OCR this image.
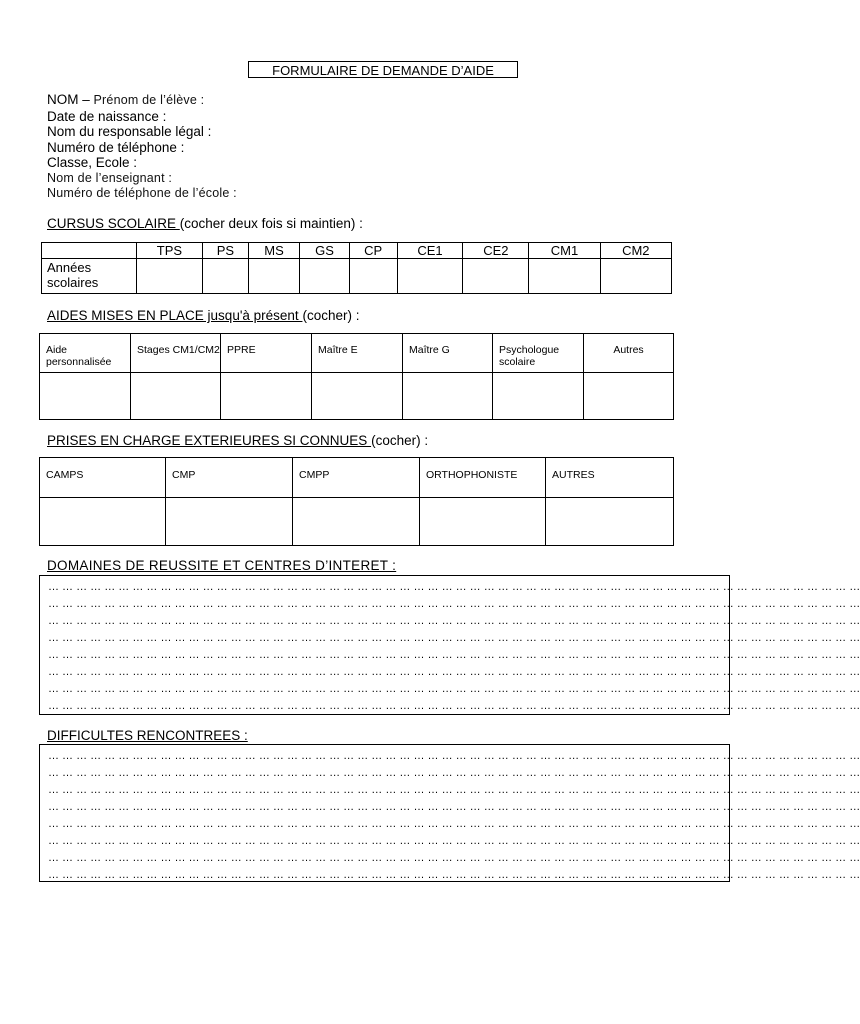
FORMULAIRE DE DEMANDE D’AIDE
NOM – Prénom de l’élève :
Date de naissance :
Nom du responsable légal :
Numéro de téléphone :
Classe, Ecole :
Nom de l’enseignant :
Numéro de téléphone de l’école :
CURSUS SCOLAIRE (cocher deux fois si maintien) :
	TPS	PS	MS	GS	CP	CE1	CE2	CM1	CM2
Années scolaires									
AIDES MISES EN PLACE jusqu'à présent (cocher) :
Aide personnalisée	Stages CM1/CM2	PPRE	Maître E	Maître G	Psychologue scolaire	Autres

PRISES EN CHARGE EXTERIEURES SI CONNUES (cocher) :
CAMPS	CMP	CMPP	ORTHOPHONISTE	AUTRES

DOMAINES DE REUSSITE ET CENTRES D’INTERET :
… … … … … … … … … … … … … … … … … … … … … … … … … … … … … … … … … … … … … … … … … … … … … … … … … … … … … … … … … …
… … … … … … … … … … … … … … … … … … … … … … … … … … … … … … … … … … … … … … … … … … … … … … … … … … … … … … … … … …
… … … … … … … … … … … … … … … … … … … … … … … … … … … … … … … … … … … … … … … … … … … … … … … … … … … … … … … … … …
… … … … … … … … … … … … … … … … … … … … … … … … … … … … … … … … … … … … … … … … … … … … … … … … … … … … … … … … … …
… … … … … … … … … … … … … … … … … … … … … … … … … … … … … … … … … … … … … … … … … … … … … … … … … … … … … … … … … …
… … … … … … … … … … … … … … … … … … … … … … … … … … … … … … … … … … … … … … … … … … … … … … … … … … … … … … … … … …
… … … … … … … … … … … … … … … … … … … … … … … … … … … … … … … … … … … … … … … … … … … … … … … … … … … … … … … … … …
… … … … … … … … … … … … … … … … … … … … … … … … … … … … … … … … … … … … … … … … … … … … … … … … … … … … … … … … … …
DIFFICULTES RENCONTREES :
… … … … … … … … … … … … … … … … … … … … … … … … … … … … … … … … … … … … … … … … … … … … … … … … … … … … … … … … … …
… … … … … … … … … … … … … … … … … … … … … … … … … … … … … … … … … … … … … … … … … … … … … … … … … … … … … … … … … …
… … … … … … … … … … … … … … … … … … … … … … … … … … … … … … … … … … … … … … … … … … … … … … … … … … … … … … … … … …
… … … … … … … … … … … … … … … … … … … … … … … … … … … … … … … … … … … … … … … … … … … … … … … … … … … … … … … … … …
… … … … … … … … … … … … … … … … … … … … … … … … … … … … … … … … … … … … … … … … … … … … … … … … … … … … … … … … … …
… … … … … … … … … … … … … … … … … … … … … … … … … … … … … … … … … … … … … … … … … … … … … … … … … … … … … … … … … …
… … … … … … … … … … … … … … … … … … … … … … … … … … … … … … … … … … … … … … … … … … … … … … … … … … … … … … … … … …
… … … … … … … … … … … … … … … … … … … … … … … … … … … … … … … … … … … … … … … … … … … … … … … … … … … … … … … … … …
